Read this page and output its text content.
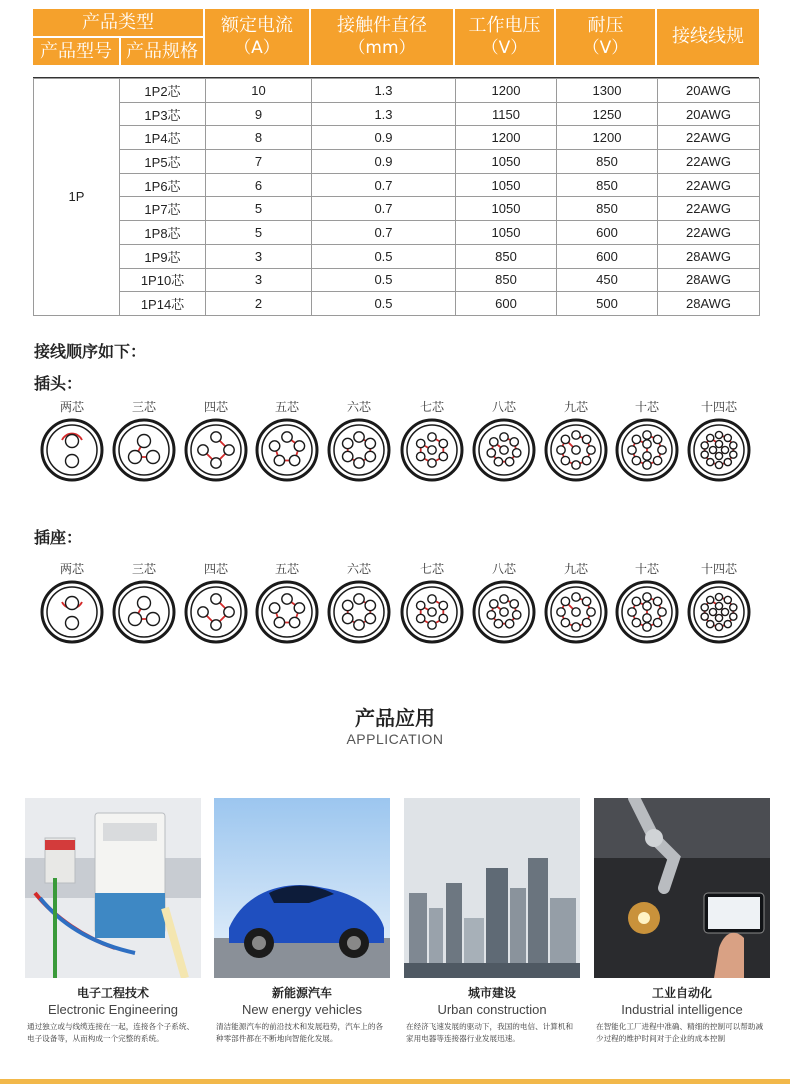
产品类型
产品型号 产品规格
额定电流
（A）
接触件直径
（mm）
工作电压
（V）
耐压
（V）
接线线规
1P	1P2芯	10	1.3	1200	1300	20AWG
	1P3芯	9	1.3	1150	1250	20AWG
	1P4芯	8	0.9	1200	1200	22AWG
	1P5芯	7	0.9	1050	850	22AWG
	1P6芯	6	0.7	1050	850	22AWG
	1P7芯	5	0.7	1050	850	22AWG
	1P8芯	5	0.7	1050	600	22AWG
	1P9芯	3	0.5	850	600	28AWG
	1P10芯	3	0.5	850	450	28AWG
	1P14芯	2	0.5	600	500	28AWG
接线顺序如下：
插头：
两芯	三芯	四芯	五芯	六芯	七芯	八芯	九芯	十芯	十四芯
插座：
两芯	三芯	四芯	五芯	六芯	七芯	八芯	九芯	十芯	十四芯
产品应用
APPLICATION
电子工程技术
Electronic Engineering
通过独立或与线缆连接在一起，连接各个子系统、电子设备等，从而构成一个完整的系统。
新能源汽车
New energy vehicles
清洁能源汽车的前沿技术和发展趋势，汽车上的各种零部件都在不断地向智能化发展。
城市建设
Urban construction
在经济飞速发展的驱动下，我国的电信、计算机和家用电器等连接器行业发展迅速。
工业自动化
Industrial intelligence
在智能化工厂进程中准确、精细的控制可以帮助减少过程的维护时间对于企业的成本控制
